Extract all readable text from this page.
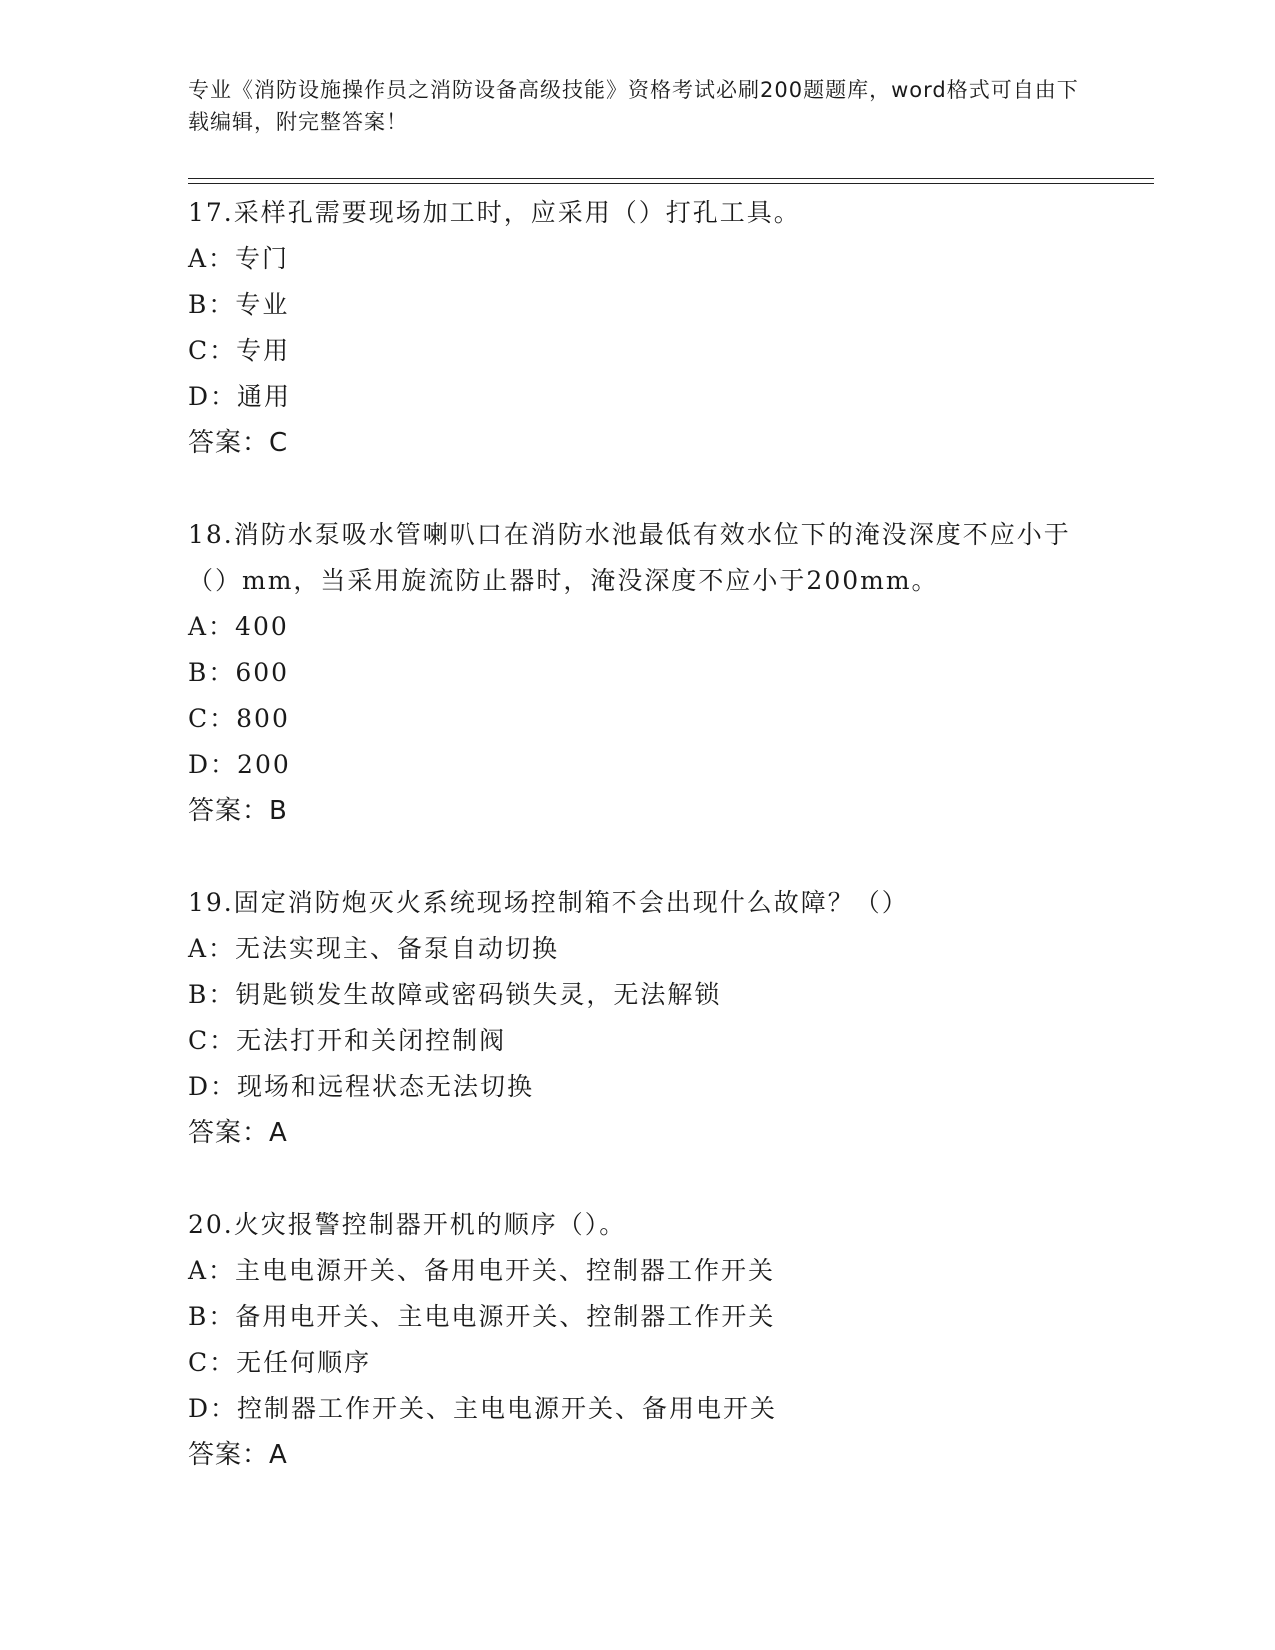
专业《消防设施操作员之消防设备高级技能》资格考试必刷200题题库，word格式可自由下载编辑，附完整答案！
17.采样孔需要现场加工时，应采用（）打孔工具。
A：专门
B：专业
C：专用
D：通用
答案：C
18.消防水泵吸水管喇叭口在消防水池最低有效水位下的淹没深度不应小于（）mm，当采用旋流防止器时，淹没深度不应小于200mm。
A：400
B：600
C：800
D：200
答案：B
19.固定消防炮灭火系统现场控制箱不会出现什么故障？（）
A：无法实现主、备泵自动切换
B：钥匙锁发生故障或密码锁失灵，无法解锁
C：无法打开和关闭控制阀
D：现场和远程状态无法切换
答案：A
20.火灾报警控制器开机的顺序（）。
A：主电电源开关、备用电开关、控制器工作开关
B：备用电开关、主电电源开关、控制器工作开关
C：无任何顺序
D：控制器工作开关、主电电源开关、备用电开关
答案：A
